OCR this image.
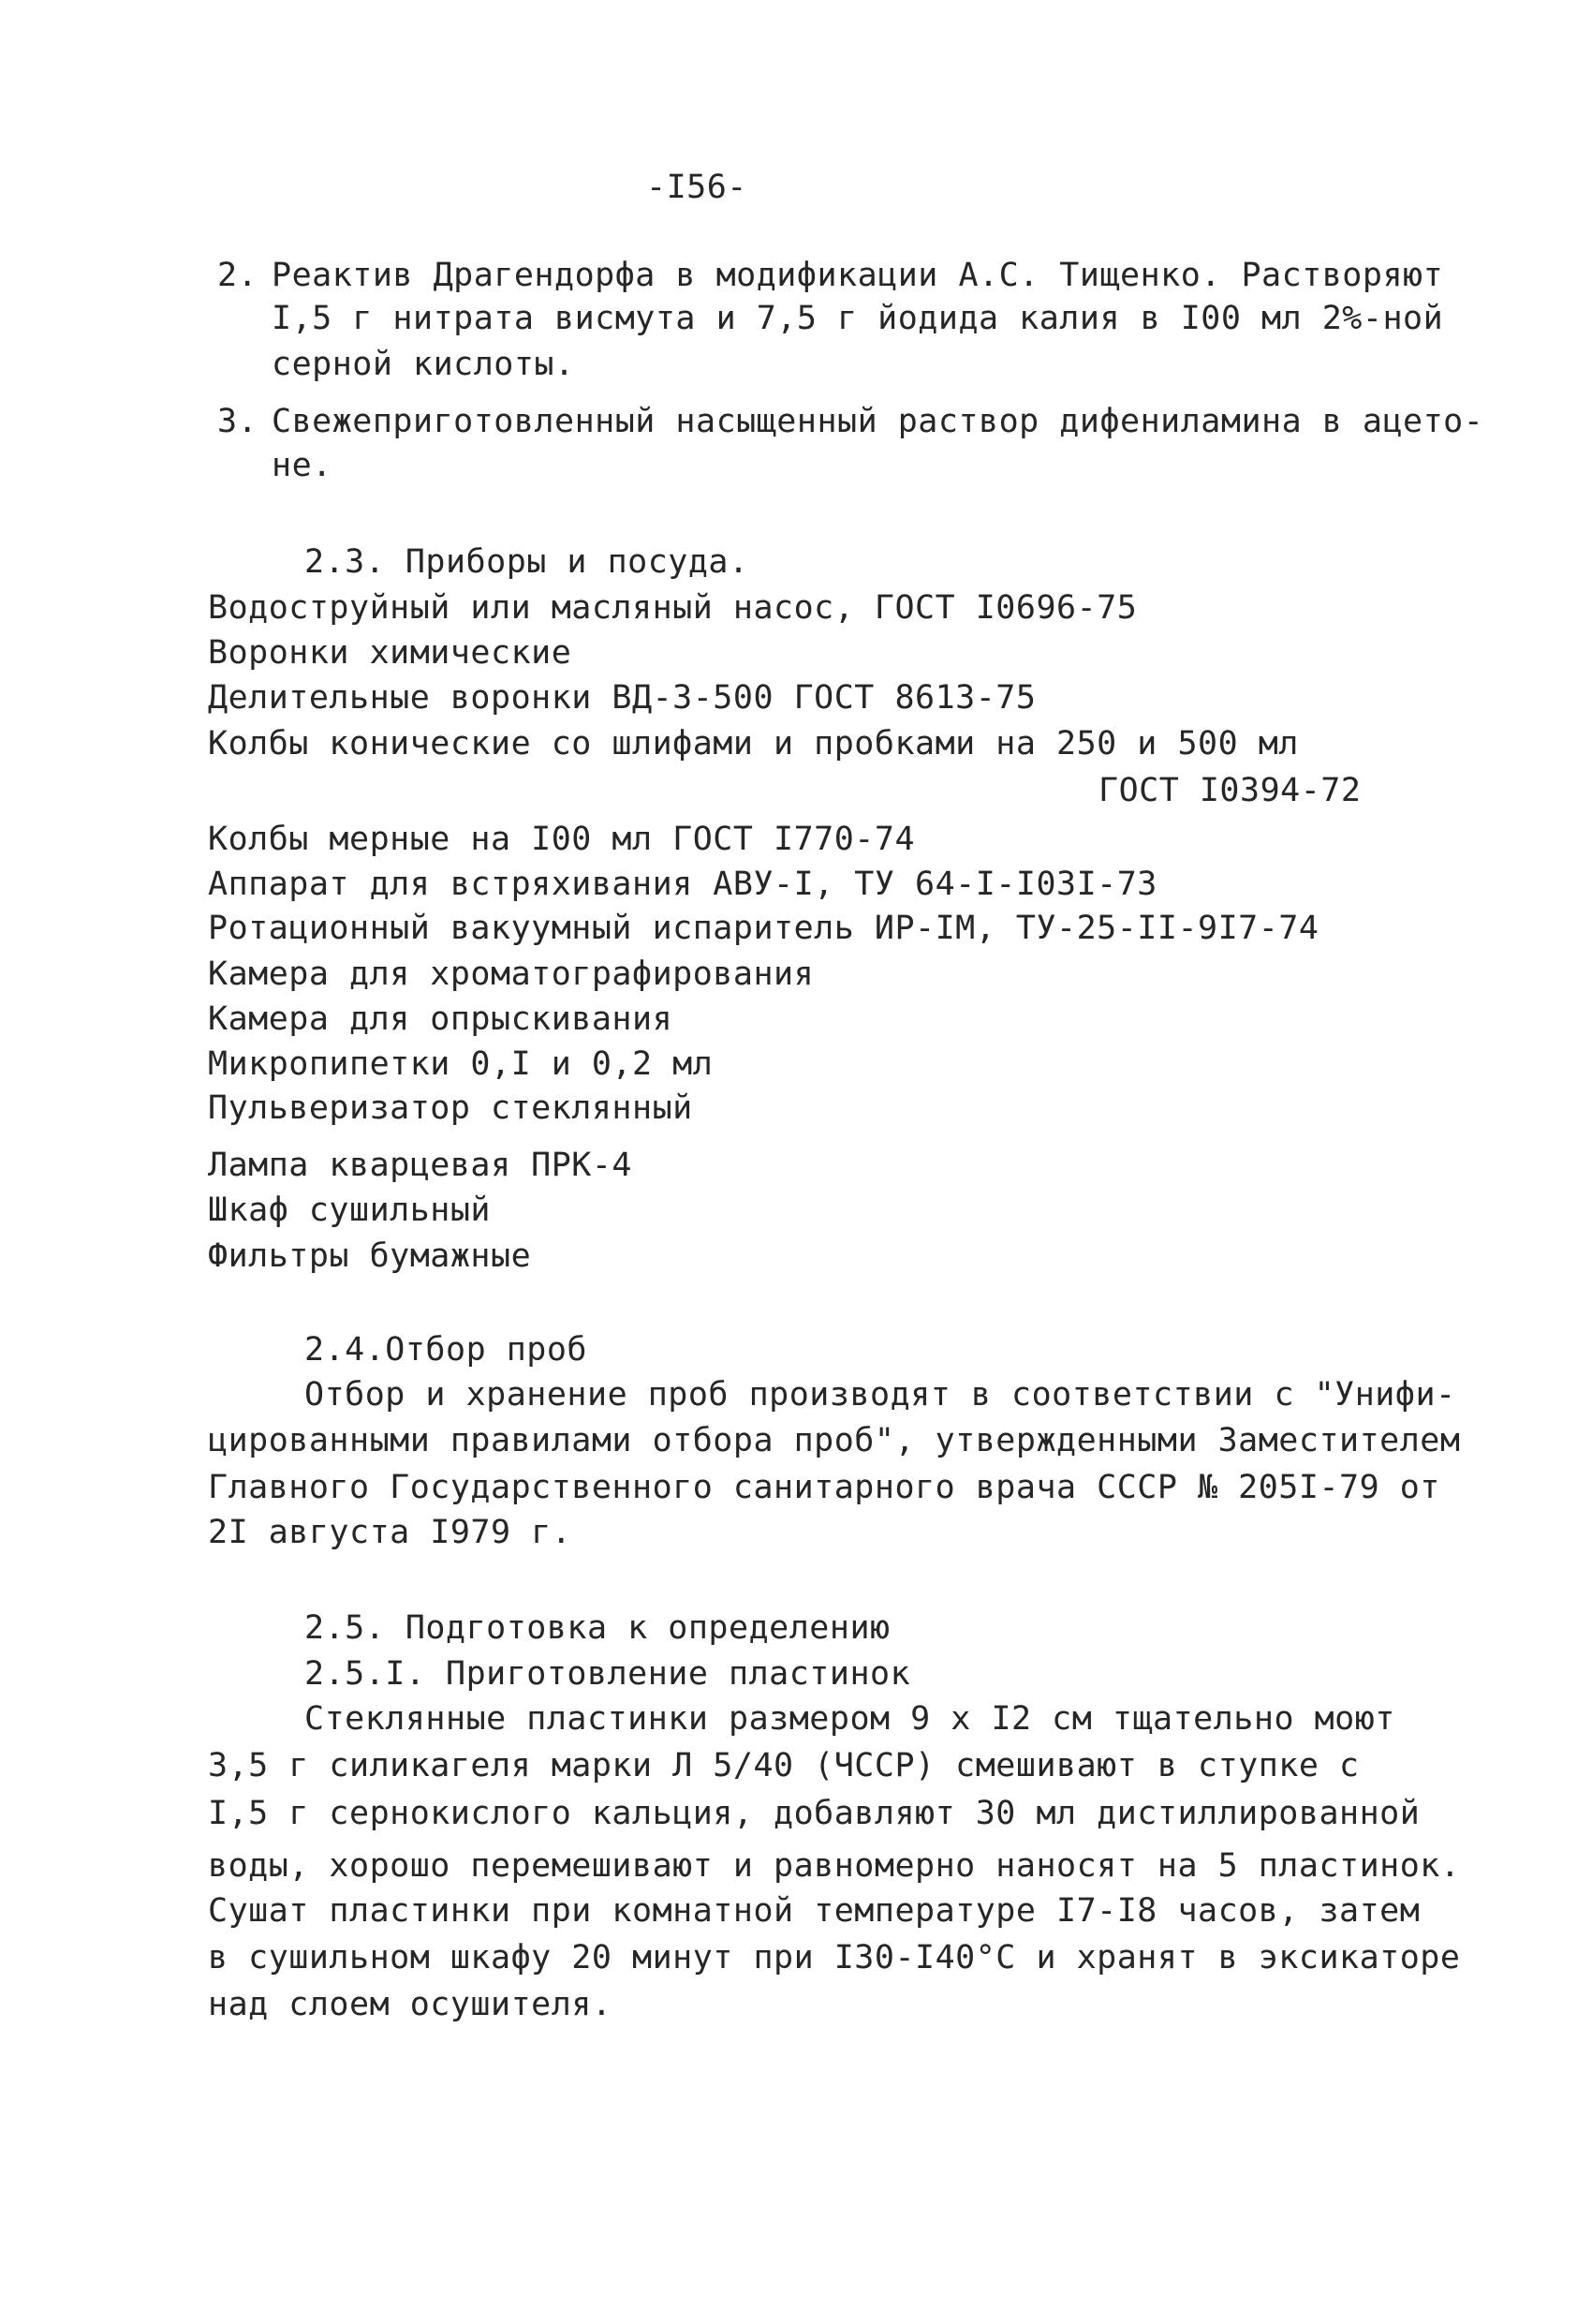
-I56-
2. Реактив Драгендорфа в модификации А.С. Тищенко. Растворяют
I,5 г нитрата висмута и 7,5 г йодида калия в I00 мл 2%-ной
серной кислоты.
3. Свежеприготовленный насыщенный раствор дифениламина в ацето-
не.
2.3. Приборы и посуда.
Водоструйный или масляный насос, ГОСТ I0696-75
Воронки химические
Делительные воронки ВД-3-500 ГОСТ 8613-75
Колбы конические со шлифами и пробками на 250 и 500 мл
ГОСТ I0394-72
Колбы мерные на I00 мл ГОСТ I770-74
Аппарат для встряхивания АВУ-I, ТУ 64-I-I03I-73
Ротационный вакуумный испаритель ИР-IМ, ТУ-25-II-9I7-74
Камера для хроматографирования
Камера для опрыскивания
Микропипетки 0,I и 0,2 мл
Пульверизатор стеклянный
Лампа кварцевая ПРК-4
Шкаф сушильный
Фильтры бумажные
2.4.Отбор проб
Отбор и хранение проб производят в соответствии с "Унифи-
цированными правилами отбора проб", утвержденными Заместителем
Главного Государственного санитарного врача СССР № 205I-79 от
2I августа I979 г.
2.5. Подготовка к определению
2.5.I. Приготовление пластинок
Стеклянные пластинки размером 9 х I2 см тщательно моют
3,5 г силикагеля марки Л 5/40 (ЧССР) смешивают в ступке с
I,5 г сернокислого кальция, добавляют 30 мл дистиллированной
воды, хорошо перемешивают и равномерно наносят на 5 пластинок.
Сушат пластинки при комнатной температуре I7-I8 часов, затем
в сушильном шкафу 20 минут при I30-I40°С и хранят в эксикаторе
над слоем осушителя.
